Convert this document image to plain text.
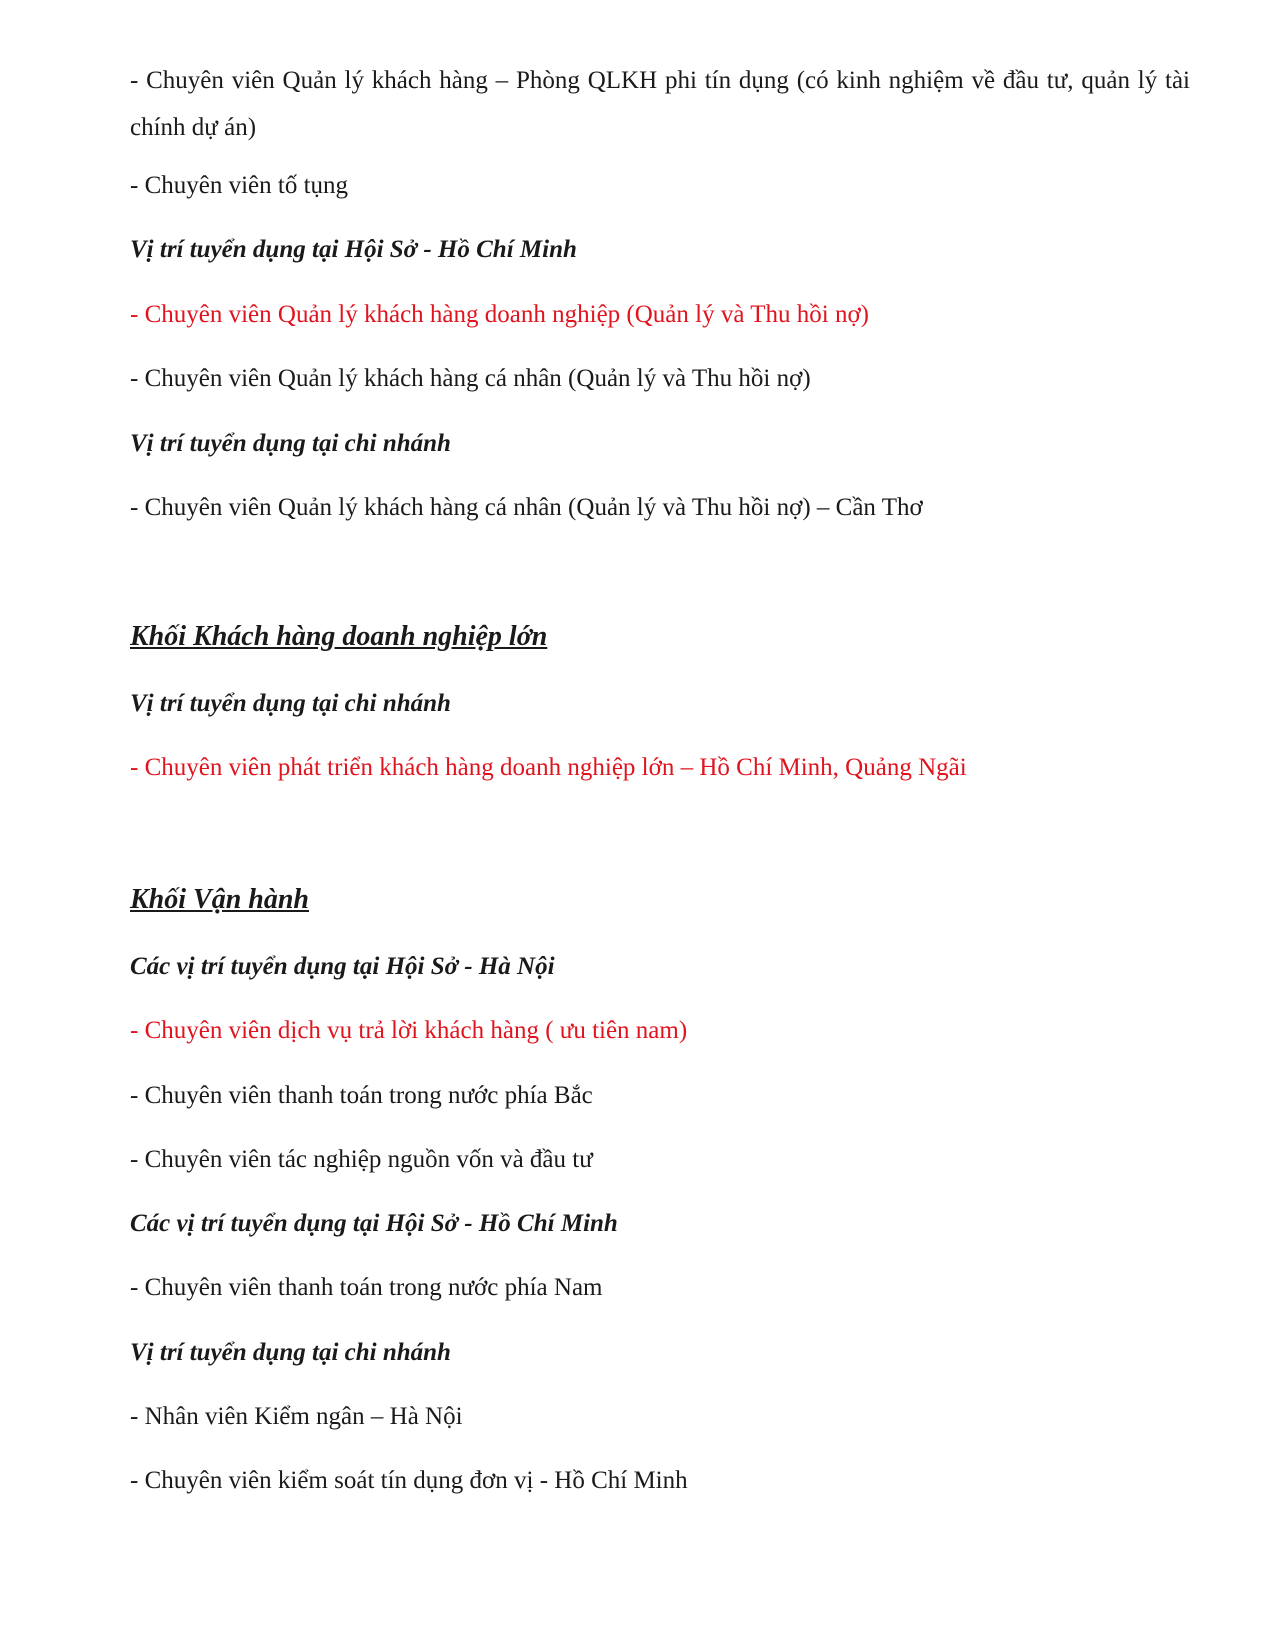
- Chuyên viên Quản lý khách hàng – Phòng QLKH phi tín dụng (có kinh nghiệm về đầu tư, quản lý tài chính dự án)
- Chuyên viên tố tụng
Vị trí tuyển dụng tại Hội Sở - Hồ Chí Minh
- Chuyên viên Quản lý khách hàng doanh nghiệp (Quản lý và Thu hồi nợ)
- Chuyên viên Quản lý khách hàng cá nhân (Quản lý và Thu hồi nợ)
Vị trí tuyển dụng tại chi nhánh
- Chuyên viên Quản lý khách hàng cá nhân (Quản lý và Thu hồi nợ) – Cần Thơ
Khối Khách hàng doanh nghiệp lớn
Vị trí tuyển dụng tại chi nhánh
- Chuyên viên phát triển khách hàng doanh nghiệp lớn – Hồ Chí Minh, Quảng Ngãi
Khối Vận hành
Các vị trí tuyển dụng tại Hội Sở - Hà Nội
- Chuyên viên dịch vụ trả lời khách hàng ( ưu tiên nam)
- Chuyên viên thanh toán trong nước phía Bắc
- Chuyên viên tác nghiệp nguồn vốn và đầu tư
Các vị trí tuyển dụng tại Hội Sở - Hồ Chí Minh
- Chuyên viên thanh toán trong nước phía Nam
Vị trí tuyển dụng tại chi nhánh
- Nhân viên Kiểm ngân – Hà Nội
- Chuyên viên kiểm soát tín dụng đơn vị - Hồ Chí Minh
